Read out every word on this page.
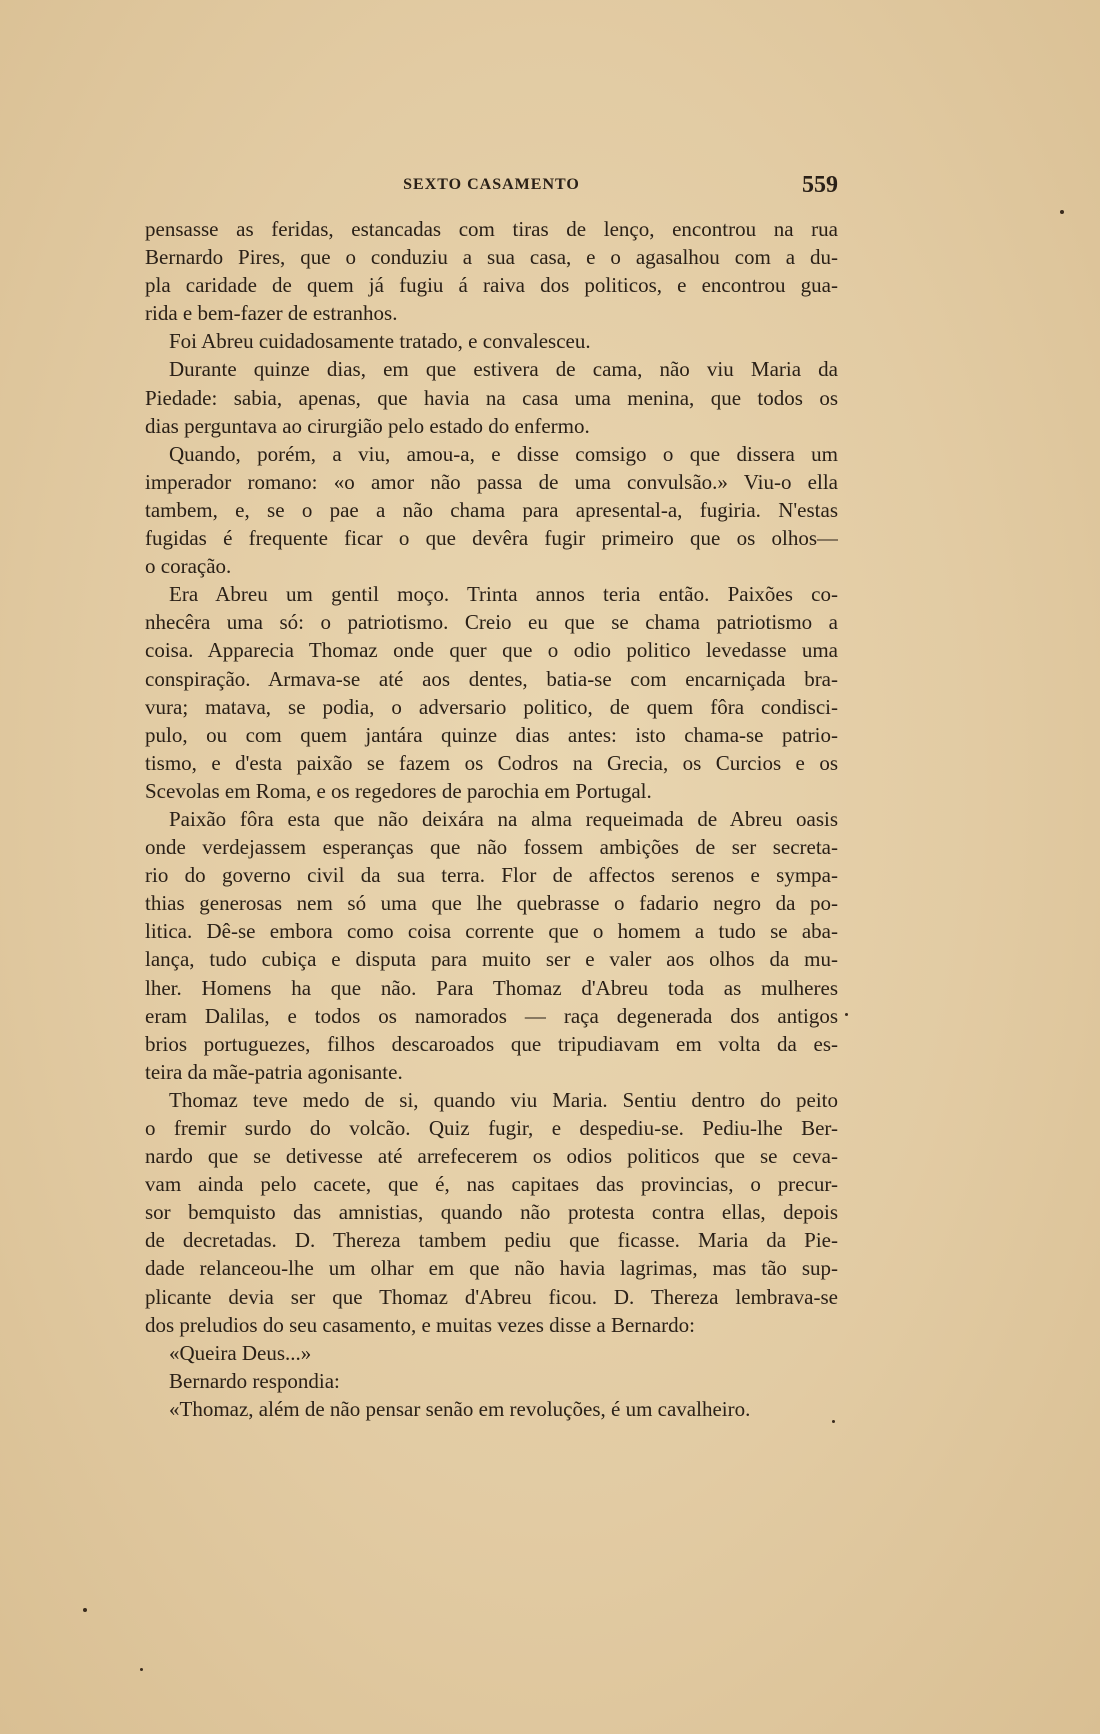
SEXTO CASAMENTO	559
pensasse as feridas, estancadas com tiras de lenço, encontrou na rua
Bernardo Pires, que o conduziu a sua casa, e o agasalhou com a du-
pla caridade de quem já fugiu á raiva dos politicos, e encontrou gua-
rida e bem-fazer de estranhos.
Foi Abreu cuidadosamente tratado, e convalesceu.
Durante quinze dias, em que estivera de cama, não viu Maria da
Piedade: sabia, apenas, que havia na casa uma menina, que todos os
dias perguntava ao cirurgião pelo estado do enfermo.
Quando, porém, a viu, amou-a, e disse comsigo o que dissera um
imperador romano: «o amor não passa de uma convulsão.» Viu-o ella
tambem, e, se o pae a não chama para apresental-a, fugiria. N'estas
fugidas é frequente ficar o que devêra fugir primeiro que os olhos—
o coração.
Era Abreu um gentil moço. Trinta annos teria então. Paixões co-
nhecêra uma só: o patriotismo. Creio eu que se chama patriotismo a
coisa. Apparecia Thomaz onde quer que o odio politico levedasse uma
conspiração. Armava-se até aos dentes, batia-se com encarniçada bra-
vura; matava, se podia, o adversario politico, de quem fôra condisci-
pulo, ou com quem jantára quinze dias antes: isto chama-se patrio-
tismo, e d'esta paixão se fazem os Codros na Grecia, os Curcios e os
Scevolas em Roma, e os regedores de parochia em Portugal.
Paixão fôra esta que não deixára na alma requeimada de Abreu oasis
onde verdejassem esperanças que não fossem ambições de ser secreta-
rio do governo civil da sua terra. Flor de affectos serenos e sympa-
thias generosas nem só uma que lhe quebrasse o fadario negro da po-
litica. Dê-se embora como coisa corrente que o homem a tudo se aba-
lança, tudo cubiça e disputa para muito ser e valer aos olhos da mu-
lher. Homens ha que não. Para Thomaz d'Abreu toda as mulheres
eram Dalilas, e todos os namorados — raça degenerada dos antigos
brios portuguezes, filhos descaroados que tripudiavam em volta da es-
teira da mãe-patria agonisante.
Thomaz teve medo de si, quando viu Maria. Sentiu dentro do peito
o fremir surdo do volcão. Quiz fugir, e despediu-se. Pediu-lhe Ber-
nardo que se detivesse até arrefecerem os odios politicos que se ceva-
vam ainda pelo cacete, que é, nas capitaes das provincias, o precur-
sor bemquisto das amnistias, quando não protesta contra ellas, depois
de decretadas. D. Thereza tambem pediu que ficasse. Maria da Pie-
dade relanceou-lhe um olhar em que não havia lagrimas, mas tão sup-
plicante devia ser que Thomaz d'Abreu ficou. D. Thereza lembrava-se
dos preludios do seu casamento, e muitas vezes disse a Bernardo:
«Queira Deus...»
Bernardo respondia:
«Thomaz, além de não pensar senão em revoluções, é um cavalheiro.
